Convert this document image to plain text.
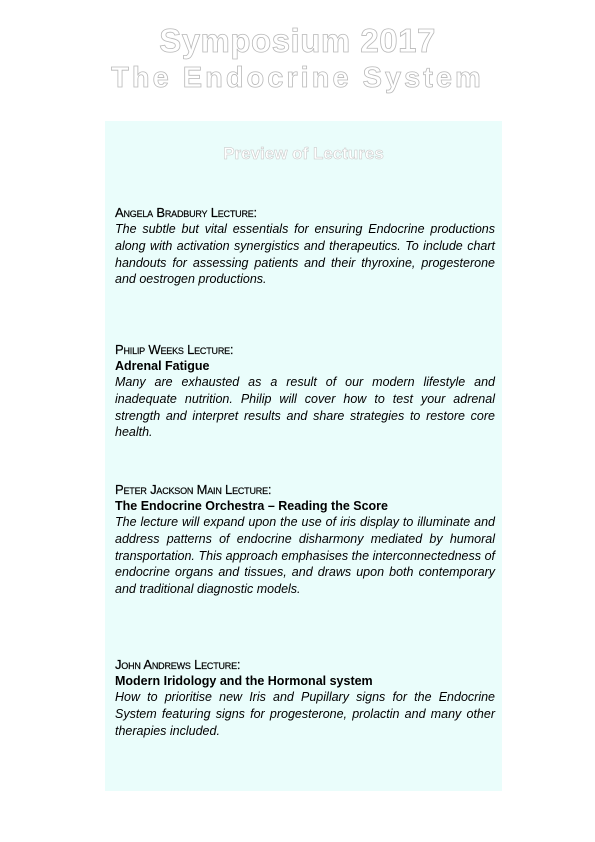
Symposium 2017
The Endocrine System
Preview of Lectures
Angela Bradbury Lecture:

The subtle but vital essentials for ensuring Endocrine productions along with activation synergistics and therapeutics. To include chart handouts for assessing patients and their thyroxine, progesterone and oestrogen productions.

Philip Weeks Lecture:

Adrenal Fatigue

Many are exhausted as a result of our modern lifestyle and inadequate nutrition. Philip will cover how to test your adrenal strength and interpret results and share strategies to restore core health.

Peter Jackson Main Lecture:

The Endocrine Orchestra – Reading the Score

The lecture will expand upon the use of iris display to illuminate and address patterns of endocrine disharmony mediated by humoral transportation. This approach emphasises the interconnectedness of endocrine organs and tissues, and draws upon both contemporary and traditional diagnostic models.

John Andrews Lecture:

Modern Iridology and the Hormonal system

How to prioritise new Iris and Pupillary signs for the Endocrine System featuring signs for progesterone, prolactin and many other therapies included.
